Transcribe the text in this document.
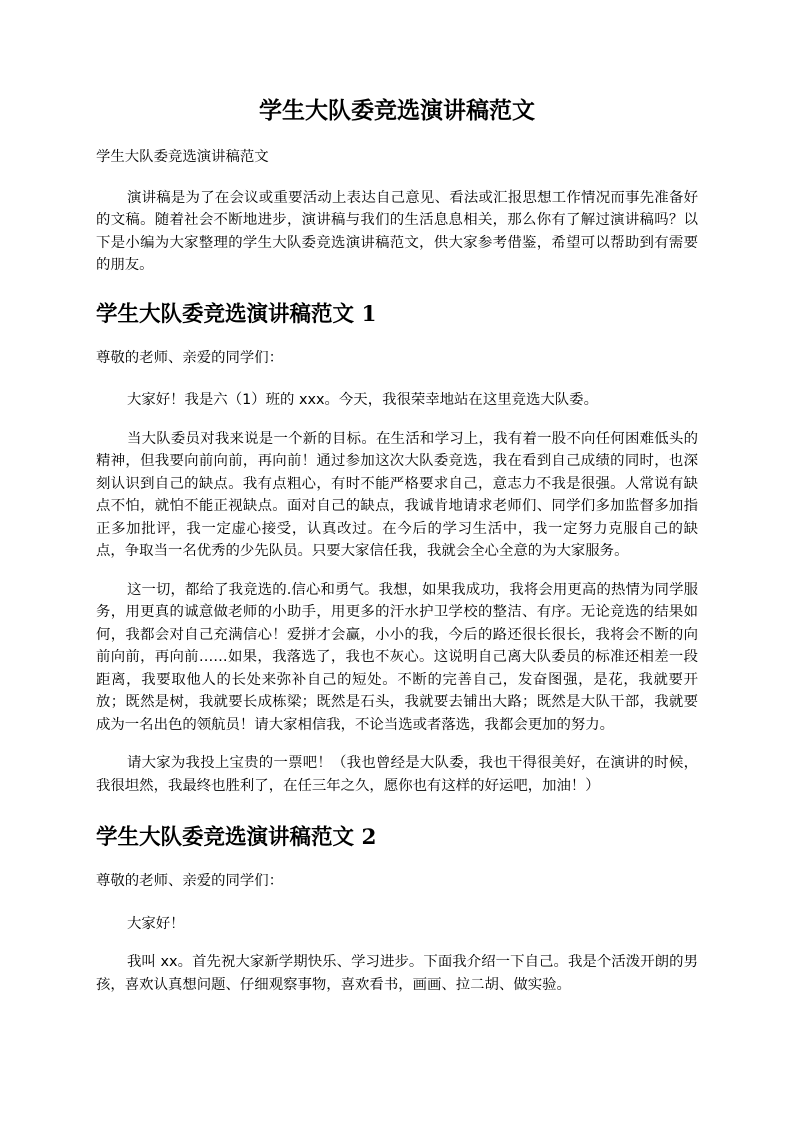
学生大队委竞选演讲稿范文

学生大队委竞选演讲稿范文

演讲稿是为了在会议或重要活动上表达自己意见、看法或汇报思想工作情况而事先准备好的文稿。随着社会不断地进步，演讲稿与我们的生活息息相关，那么你有了解过演讲稿吗？以下是小编为大家整理的学生大队委竞选演讲稿范文，供大家参考借鉴，希望可以帮助到有需要的朋友。

学生大队委竞选演讲稿范文 1

尊敬的老师、亲爱的同学们：

大家好！我是六（1）班的 xxx。今天，我很荣幸地站在这里竞选大队委。

当大队委员对我来说是一个新的目标。在生活和学习上，我有着一股不向任何困难低头的精神，但我要向前向前，再向前！通过参加这次大队委竞选，我在看到自己成绩的同时，也深刻认识到自己的缺点。我有点粗心，有时不能严格要求自己，意志力不我是很强。人常说有缺点不怕，就怕不能正视缺点。面对自己的缺点，我诚肯地请求老师们、同学们多加监督多加指正多加批评，我一定虚心接受，认真改过。在今后的学习生活中，我一定努力克服自己的缺点，争取当一名优秀的少先队员。只要大家信任我，我就会全心全意的为大家服务。

这一切，都给了我竞选的.信心和勇气。我想，如果我成功，我将会用更高的热情为同学服务，用更真的诚意做老师的小助手，用更多的汗水护卫学校的整洁、有序。无论竞选的结果如何，我都会对自己充满信心！爱拼才会赢，小小的我，今后的路还很长很长，我将会不断的向前向前，再向前……如果，我落选了，我也不灰心。这说明自己离大队委员的标准还相差一段距离，我要取他人的长处来弥补自己的短处。不断的完善自己，发奋图强，是花，我就要开放；既然是树，我就要长成栋梁；既然是石头，我就要去铺出大路；既然是大队干部，我就要成为一名出色的领航员！请大家相信我，不论当选或者落选，我都会更加的努力。

请大家为我投上宝贵的一票吧！（我也曾经是大队委，我也干得很美好，在演讲的时候，我很坦然，我最终也胜利了，在任三年之久，愿你也有这样的好运吧，加油！）

学生大队委竞选演讲稿范文 2

尊敬的老师、亲爱的同学们：

大家好！

我叫 xx。首先祝大家新学期快乐、学习进步。下面我介绍一下自己。我是个活泼开朗的男孩，喜欢认真想问题、仔细观察事物，喜欢看书，画画、拉二胡、做实验。
